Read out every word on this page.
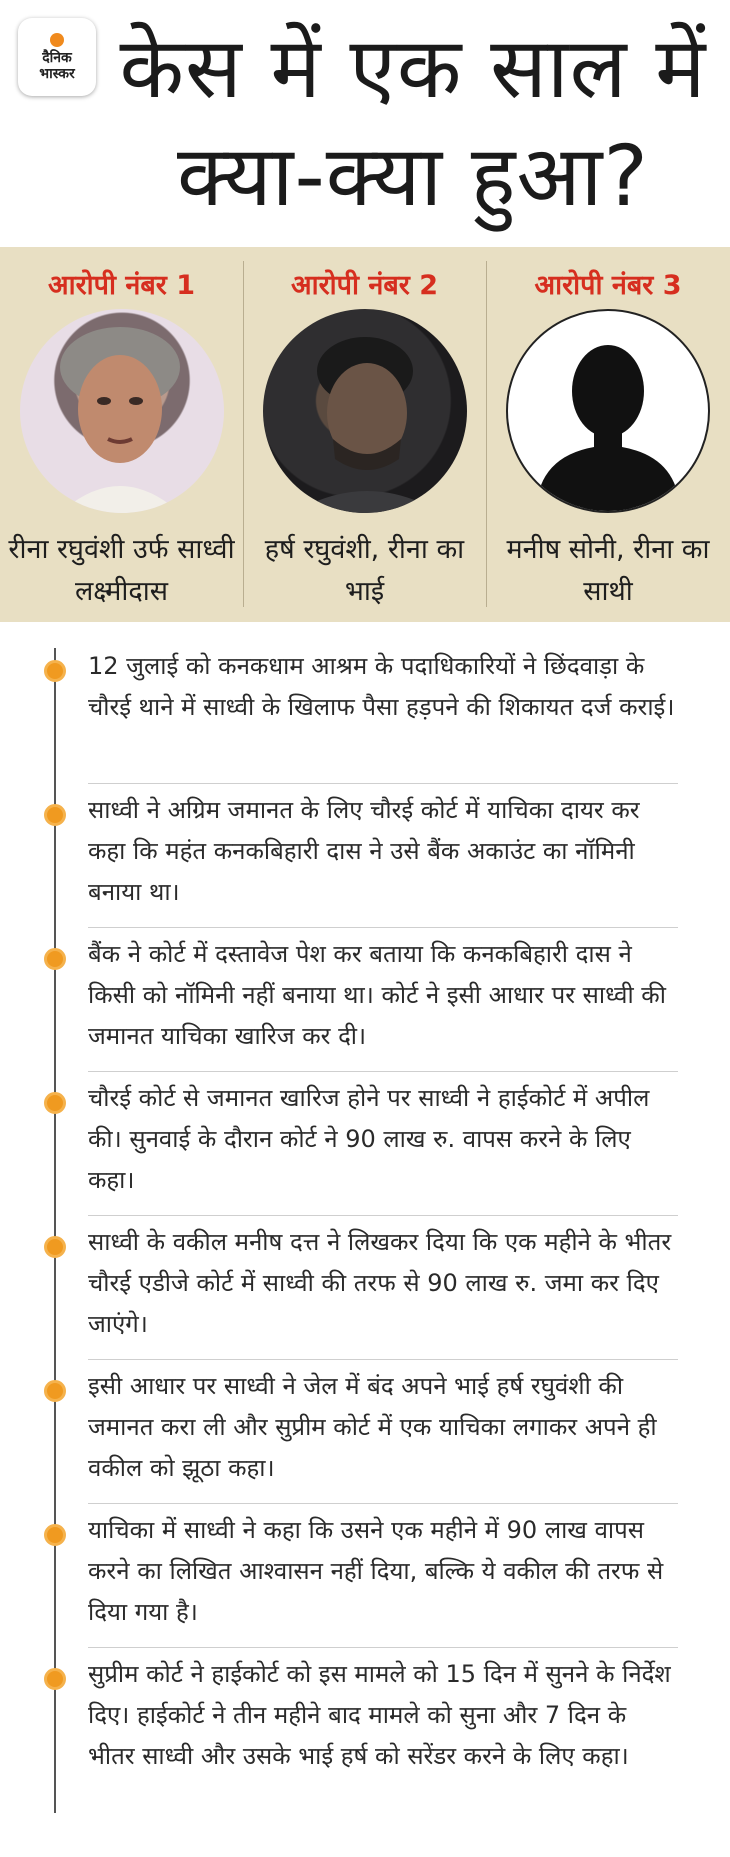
दैनिक
भास्कर केस में एक साल में
क्या-क्या हुआ?
आरोपी नंबर 1
रीना रघुवंशी उर्फ साध्वी लक्ष्मीदास
आरोपी नंबर 2
हर्ष रघुवंशी, रीना का भाई
आरोपी नंबर 3
मनीष सोनी, रीना का साथी
12 जुलाई को कनकधाम आश्रम के पदाधिकारियों ने छिंदवाड़ा के चौरई थाने में साध्वी के खिलाफ पैसा हड़पने की शिकायत दर्ज कराई।
साध्वी ने अग्रिम जमानत के लिए चौरई कोर्ट में याचिका दायर कर कहा कि महंत कनकबिहारी दास ने उसे बैंक अकाउंट का नॉमिनी बनाया था।
बैंक ने कोर्ट में दस्तावेज पेश कर बताया कि कनकबिहारी दास ने किसी को नॉमिनी नहीं बनाया था। कोर्ट ने इसी आधार पर साध्वी की जमानत याचिका खारिज कर दी।
चौरई कोर्ट से जमानत खारिज होने पर साध्वी ने हाईकोर्ट में अपील की। सुनवाई के दौरान कोर्ट ने 90 लाख रु. वापस करने के लिए कहा।
साध्वी के वकील मनीष दत्त ने लिखकर दिया कि एक महीने के भीतर चौरई एडीजे कोर्ट में साध्वी की तरफ से 90 लाख रु. जमा कर दिए जाएंगे।
इसी आधार पर साध्वी ने जेल में बंद अपने भाई हर्ष रघुवंशी की जमानत करा ली और सुप्रीम कोर्ट में एक याचिका लगाकर अपने ही वकील को झूठा कहा।
याचिका में साध्वी ने कहा कि उसने एक महीने में 90 लाख वापस करने का लिखित आश्वासन नहीं दिया, बल्कि ये वकील की तरफ से दिया गया है।
सुप्रीम कोर्ट ने हाईकोर्ट को इस मामले को 15 दिन में सुनने के निर्देश दिए। हाईकोर्ट ने तीन महीने बाद मामले को सुना और 7 दिन के भीतर साध्वी और उसके भाई हर्ष को सरेंडर करने के लिए कहा।
